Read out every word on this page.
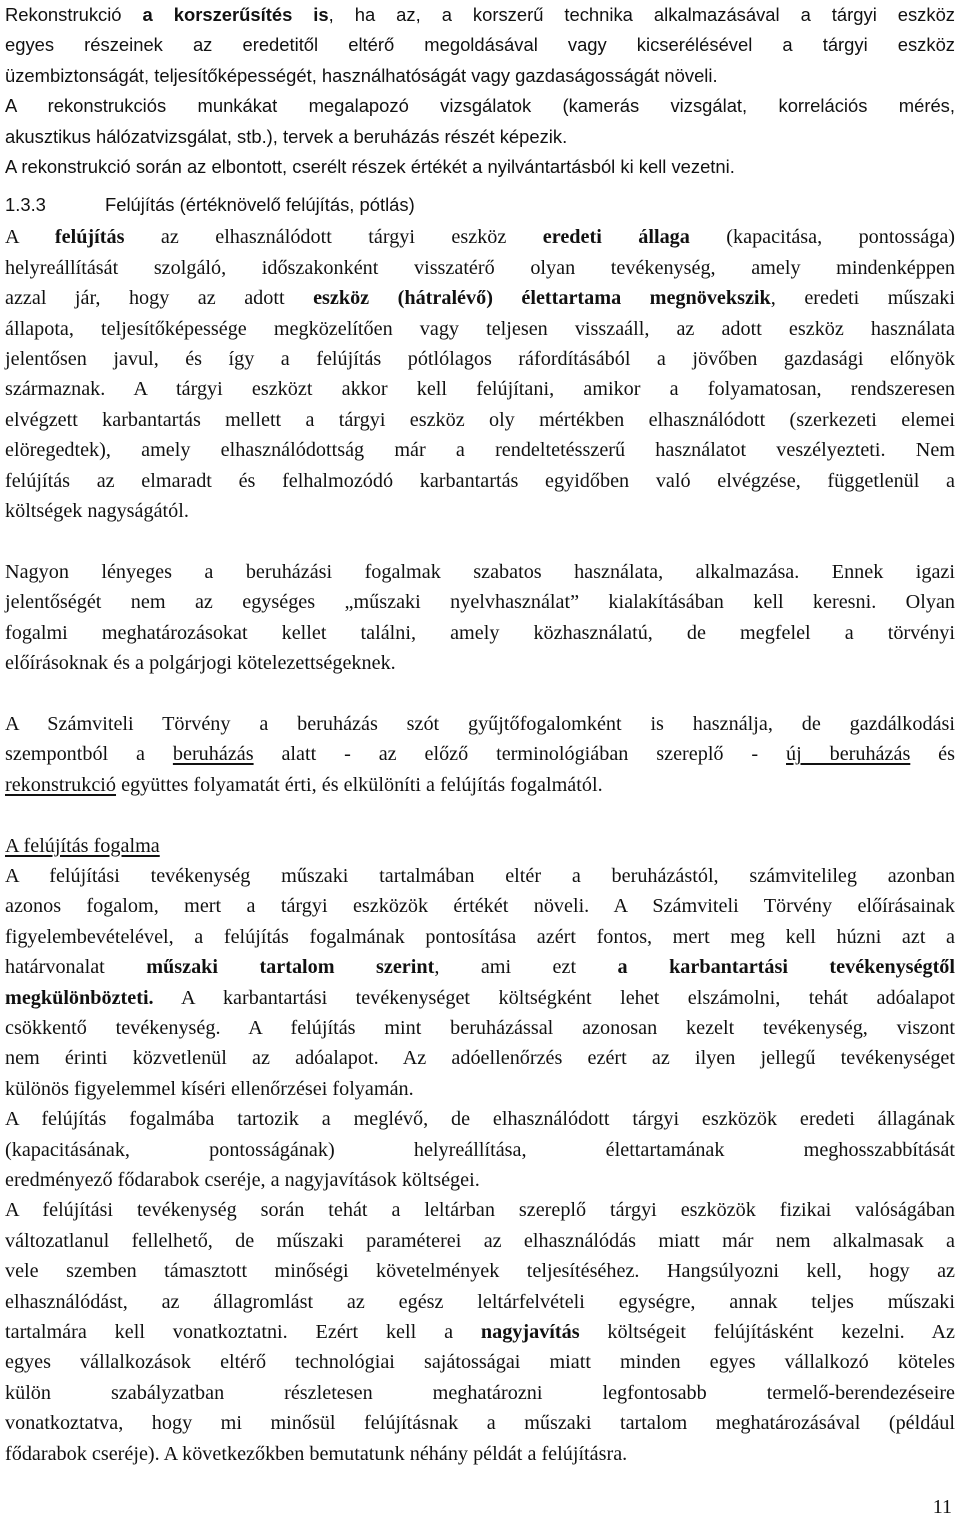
Rekonstrukció a korszerűsítés is, ha az, a korszerű technika alkalmazásával a tárgyi eszköz
egyes részeinek az eredetitől eltérő megoldásával vagy kicserélésével a tárgyi eszköz
üzembiztonságát, teljesítőképességét, használhatóságát vagy gazdaságosságát növeli.
A rekonstrukciós munkákat megalapozó vizsgálatok (kamerás vizsgálat, korrelációs mérés,
akusztikus hálózatvizsgálat, stb.), tervek a beruházás részét képezik.
A rekonstrukció során az elbontott, cserélt részek értékét a nyilvántartásból ki kell vezetni.
1.3.3	Felújítás (értéknövelő felújítás, pótlás)
A felújítás az elhasználódott tárgyi eszköz eredeti állaga (kapacitása, pontossága)
helyreállítását szolgáló, időszakonként visszatérő olyan tevékenység, amely mindenképpen
azzal jár, hogy az adott eszköz (hátralévő) élettartama megnövekszik, eredeti műszaki
állapota, teljesítőképessége megközelítően vagy teljesen visszaáll, az adott eszköz használata
jelentősen javul, és így a felújítás pótlólagos ráfordításából a jövőben gazdasági előnyök
származnak. A tárgyi eszközt akkor kell felújítani, amikor a folyamatosan, rendszeresen
elvégzett karbantartás mellett a tárgyi eszköz oly mértékben elhasználódott (szerkezeti elemei
elöregedtek), amely elhasználódottság már a rendeltetésszerű használatot veszélyezteti. Nem
felújítás az elmaradt és felhalmozódó karbantartás egyidőben való elvégzése, függetlenül a
költségek nagyságától.
Nagyon lényeges a beruházási fogalmak szabatos használata, alkalmazása. Ennek igazi
jelentőségét nem az egységes „műszaki nyelvhasználat” kialakításában kell keresni. Olyan
fogalmi meghatározásokat kellet találni, amely közhasználatú, de megfelel a törvényi
előírásoknak és a polgárjogi kötelezettségeknek.
A Számviteli Törvény a beruházás szót gyűjtőfogalomként is használja, de gazdálkodási
szempontból a beruházás alatt - az előző terminológiában szereplő - új beruházás és
rekonstrukció együttes folyamatát érti, és elkülöníti a felújítás fogalmától.
A felújítás fogalma
A felújítási tevékenység műszaki tartalmában eltér a beruházástól, számvitelileg azonban
azonos fogalom, mert a tárgyi eszközök értékét növeli. A Számviteli Törvény előírásainak
figyelembevételével, a felújítás fogalmának pontosítása azért fontos, mert meg kell húzni azt a
határvonalat műszaki tartalom szerint, ami ezt a karbantartási tevékenységtől
megkülönbözteti. A karbantartási tevékenységet költségként lehet elszámolni, tehát adóalapot
csökkentő tevékenység. A felújítás mint beruházással azonosan kezelt tevékenység, viszont
nem érinti közvetlenül az adóalapot. Az adóellenőrzés ezért az ilyen jellegű tevékenységet
különös figyelemmel kíséri ellenőrzései folyamán.
A felújítás fogalmába tartozik a meglévő, de elhasználódott tárgyi eszközök eredeti állagának
(kapacitásának, pontosságának) helyreállítása, élettartamának meghosszabbítását
eredményező fődarabok cseréje, a nagyjavítások költségei.
A felújítási tevékenység során tehát a leltárban szereplő tárgyi eszközök fizikai valóságában
változatlanul fellelhető, de műszaki paraméterei az elhasználódás miatt már nem alkalmasak a
vele szemben támasztott minőségi követelmények teljesítéséhez. Hangsúlyozni kell, hogy az
elhasználódást, az állagromlást az egész leltárfelvételi egységre, annak teljes műszaki
tartalmára kell vonatkoztatni. Ezért kell a nagyjavítás költségeit felújításként kezelni. Az
egyes vállalkozások eltérő technológiai sajátosságai miatt minden egyes vállalkozó köteles
külön szabályzatban részletesen meghatározni legfontosabb termelő-berendezéseire
vonatkoztatva, hogy mi minősül felújításnak a műszaki tartalom meghatározásával (például
fődarabok cseréje). A következőkben bemutatunk néhány példát a felújításra.
11
